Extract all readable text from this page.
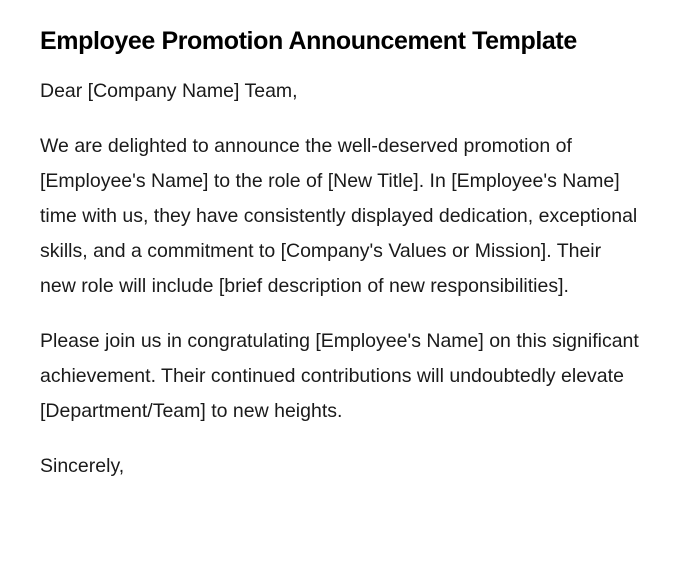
Employee Promotion Announcement Template

Dear [Company Name] Team,

We are delighted to announce the well-deserved promotion of [Employee's Name] to the role of [New Title]. In [Employee's Name] time with us, they have consistently displayed dedication, exceptional skills, and a commitment to [Company's Values or Mission]. Their new role will include [brief description of new responsibilities].

Please join us in congratulating [Employee's Name] on this significant achievement. Their continued contributions will undoubtedly elevate [Department/Team] to new heights.

Sincerely,
